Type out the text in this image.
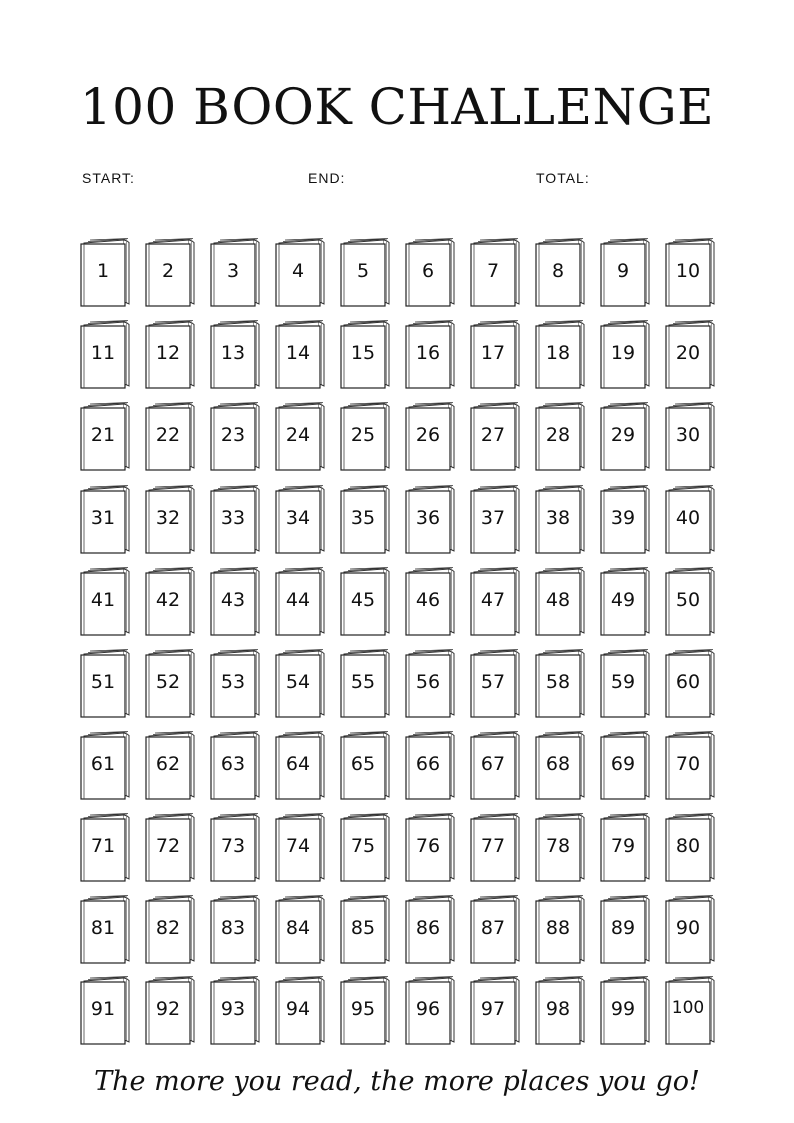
100 BOOK CHALLENGE
START:	END:	TOTAL:
1	2	3	4	5	6	7	8	9	10
11	12	13	14	15	16	17	18	19	20
21	22	23	24	25	26	27	28	29	30
31	32	33	34	35	36	37	38	39	40
41	42	43	44	45	46	47	48	49	50
51	52	53	54	55	56	57	58	59	60
61	62	63	64	65	66	67	68	69	70
71	72	73	74	75	76	77	78	79	80
81	82	83	84	85	86	87	88	89	90
91	92	93	94	95	96	97	98	99	100
The more you read, the more places you go!
